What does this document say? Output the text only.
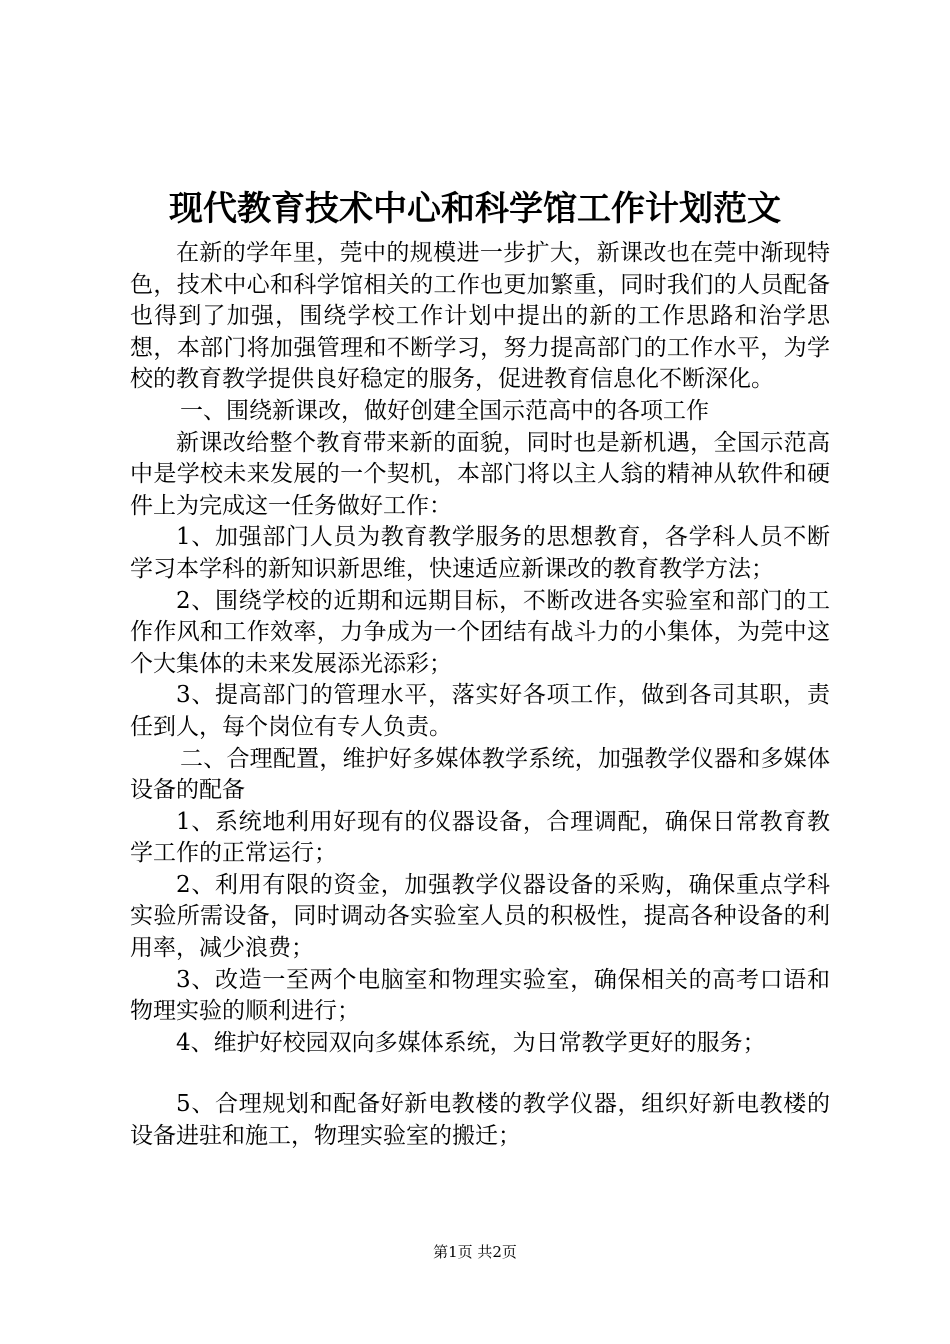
现代教育技术中心和科学馆工作计划范文

在新的学年里，莞中的规模进一步扩大，新课改也在莞中渐现特色，技术中心和科学馆相关的工作也更加繁重，同时我们的人员配备也得到了加强，围绕学校工作计划中提出的新的工作思路和治学思想，本部门将加强管理和不断学习，努力提高部门的工作水平，为学校的教育教学提供良好稳定的服务，促进教育信息化不断深化。

一、围绕新课改，做好创建全国示范高中的各项工作

新课改给整个教育带来新的面貌，同时也是新机遇，全国示范高中是学校未来发展的一个契机，本部门将以主人翁的精神从软件和硬件上为完成这一任务做好工作：

1、加强部门人员为教育教学服务的思想教育，各学科人员不断学习本学科的新知识新思维，快速适应新课改的教育教学方法；

2、围绕学校的近期和远期目标，不断改进各实验室和部门的工作作风和工作效率，力争成为一个团结有战斗力的小集体，为莞中这个大集体的未来发展添光添彩；

3、提高部门的管理水平，落实好各项工作，做到各司其职，责任到人，每个岗位有专人负责。

二、合理配置，维护好多媒体教学系统，加强教学仪器和多媒体设备的配备

1、系统地利用好现有的仪器设备，合理调配，确保日常教育教学工作的正常运行；

2、利用有限的资金，加强教学仪器设备的采购，确保重点学科实验所需设备，同时调动各实验室人员的积极性，提高各种设备的利用率，减少浪费；

3、改造一至两个电脑室和物理实验室，确保相关的高考口语和物理实验的顺利进行；

4、维护好校园双向多媒体系统，为日常教学更好的服务；

5、合理规划和配备好新电教楼的教学仪器，组织好新电教楼的设备进驻和施工，物理实验室的搬迁；

第1页 共2页
